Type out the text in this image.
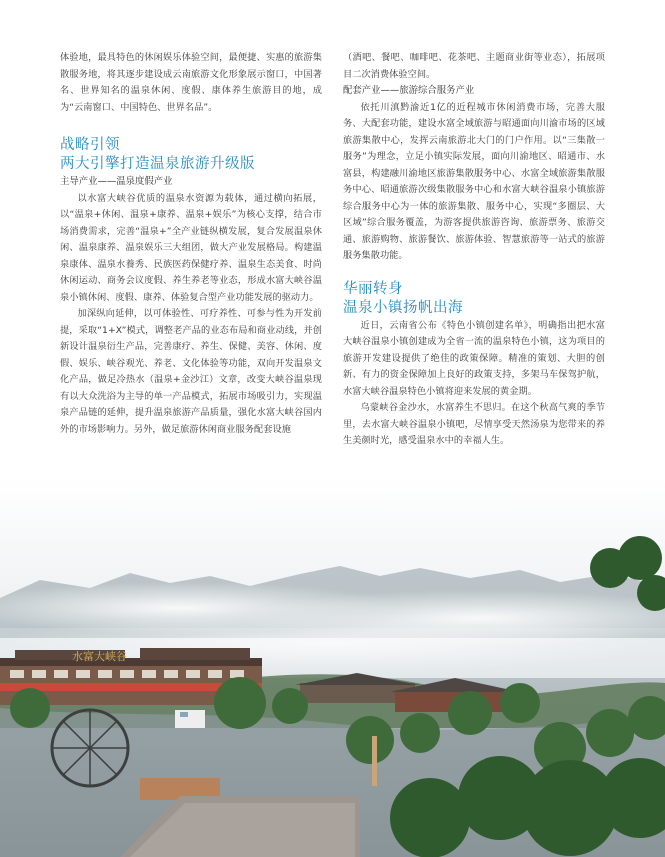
体验地，最具特色的休闲娱乐体验空间，最便捷、实惠的旅游集散服务地，将其逐步建设成云南旅游文化形象展示窗口，中国著名、世界知名的温泉休闲、度假、康体养生旅游目的地，成为“云南窗口、中国特色、世界名品”。

战略引领
两大引擎打造温泉旅游升级版
主导产业——温泉度假产业

以水富大峡谷优质的温泉水资源为载体，通过横向拓展，以“温泉+休闲、温泉+康养、温泉+娱乐”为核心支撑，结合市场消费需求，完善“温泉+”全产业链纵横发展，复合发展温泉休闲、温泉康养、温泉娱乐三大组团，做大产业发展格局。构建温泉康体、温泉水養秀、民族医药保健疗养、温泉生态美食、时尚休闲运动、商务会议度假、养生养老等业态，形成水富大峡谷温泉小镇休闲、度假、康养、体验复合型产业功能发展的驱动力。

加深纵向延伸，以可体验性、可疗养性、可参与性为开发前提，采取“1+X”模式，调整老产品的业态布局和商业动线，并创新设计温泉衍生产品，完善康疗、养生、保健、美容、休闲、度假、娱乐、峡谷观光、养老、文化体验等功能，双向开发温泉文化产品，做足冷热水（温泉+金沙江）文章，改变大峡谷温泉现有以大众洗浴为主导的单一产品模式，拓展市场吸引力，实现温泉产品链的延伸，提升温泉旅游产品质量，强化水富大峡谷国内外的市场影响力。另外，做足旅游休闲商业服务配套设施

（酒吧、餐吧、咖啡吧、花茶吧、主题商业街等业态），拓展项目二次消费体验空间。

配套产业——旅游综合服务产业

依托川滇黔渝近1亿的近程城市休闲消费市场，完善大服务、大配套功能，建设水富全域旅游与昭通面向川渝市场的区域旅游集散中心，发挥云南旅游北大门的门户作用。以“三集散一服务”为理念，立足小镇实际发展，面向川渝地区、昭通市、水富县，构建融川渝地区旅游集散服务中心、水富全域旅游集散服务中心、昭通旅游次级集散服务中心和水富大峡谷温泉小镇旅游综合服务中心为一体的旅游集散、服务中心，实现“多圈层、大区域”综合服务覆盖，为游客提供旅游咨询、旅游票务、旅游交通、旅游购物、旅游餐饮、旅游体验、智慧旅游等一站式的旅游服务集散功能。

华丽转身
温泉小镇扬帆出海

近日，云南省公布《特色小镇创建名单》，明确指出把水富大峡谷温泉小镇创建成为全省一流的温泉特色小镇，这为项目的旅游开发建设提供了绝佳的政策保障。精准的策划、大胆的创新、有力的资金保障加上良好的政策支持，多架马车保驾护航，水富大峡谷温泉特色小镇将迎来发展的黄金期。

乌蒙峡谷金沙水，水富养生不思归。在这个秋高气爽的季节里，去水富大峡谷温泉小镇吧，尽情享受天然汤泉为您带来的养生美颜时光，感受温泉水中的幸福人生。

水富大峡谷
